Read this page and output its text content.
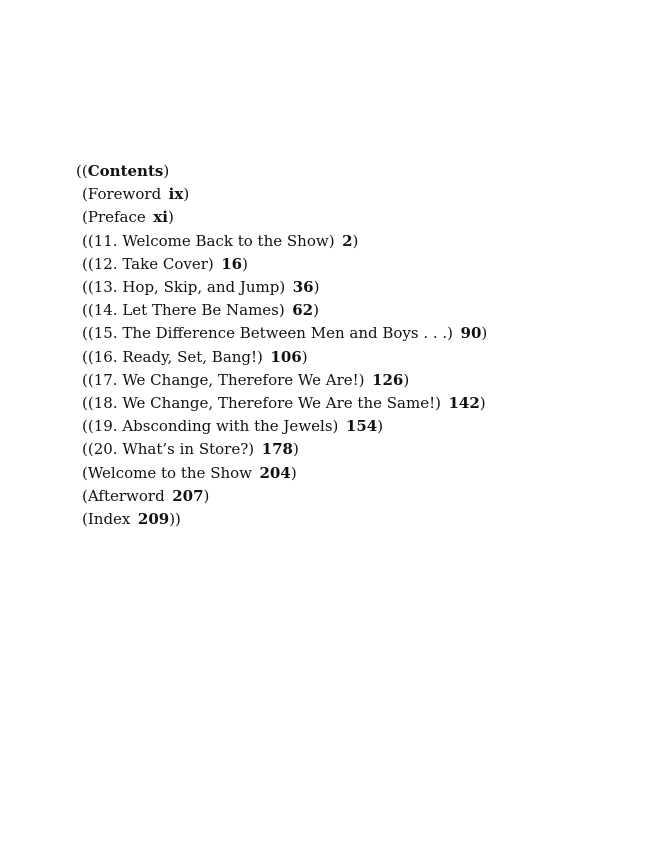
((Contents)
(Foreword ix)
(Preface xi)
((11. Welcome Back to the Show) 2)
((12. Take Cover) 16)
((13. Hop, Skip, and Jump) 36)
((14. Let There Be Names) 62)
((15. The Difference Between Men and Boys . . .) 90)
((16. Ready, Set, Bang!) 106)
((17. We Change, Therefore We Are!) 126)
((18. We Change, Therefore We Are the Same!) 142)
((19. Absconding with the Jewels) 154)
((20. What’s in Store?) 178)
(Welcome to the Show 204)
(Afterword 207)
(Index 209))
